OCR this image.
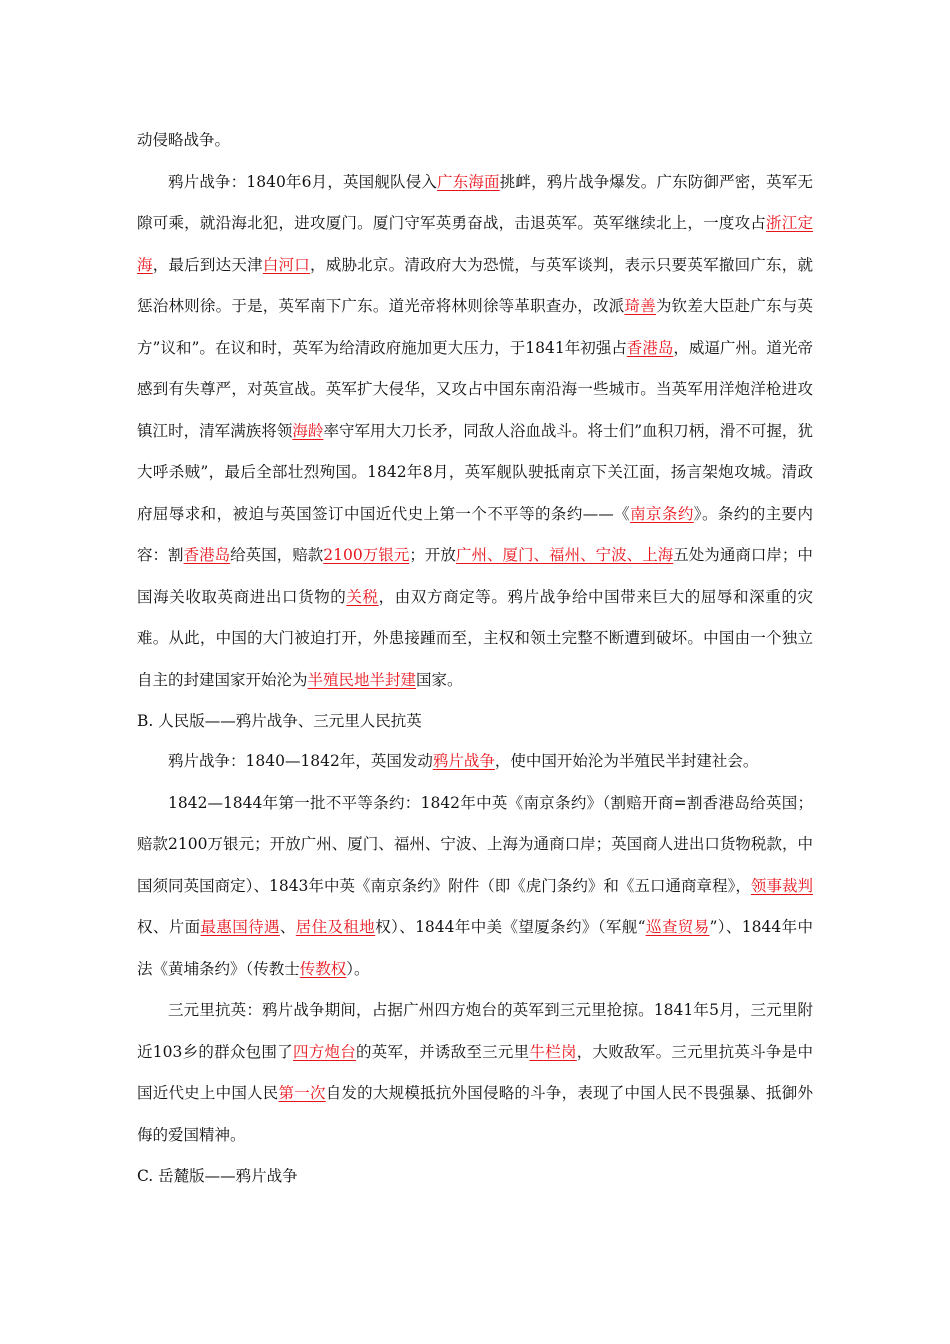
动侵略战争。

鸦片战争：1840年6月，英国舰队侵入广东海面挑衅，鸦片战争爆发。广东防御严密，英军无隙可乘，就沿海北犯，进攻厦门。厦门守军英勇奋战，击退英军。英军继续北上，一度攻占浙江定海，最后到达天津白河口，威胁北京。清政府大为恐慌，与英军谈判，表示只要英军撤回广东，就惩治林则徐。于是，英军南下广东。道光帝将林则徐等革职查办，改派琦善为钦差大臣赴广东与英方”议和”。在议和时，英军为给清政府施加更大压力，于1841年初强占香港岛，威逼广州。道光帝感到有失尊严，对英宣战。英军扩大侵华，又攻占中国东南沿海一些城市。当英军用洋炮洋枪进攻镇江时，清军满族将领海龄率守军用大刀长矛，同敌人浴血战斗。将士们”血积刀柄，滑不可握，犹大呼杀贼”，最后全部壮烈殉国。1842年8月，英军舰队驶抵南京下关江面，扬言架炮攻城。清政府屈辱求和，被迫与英国签订中国近代史上第一个不平等的条约——《南京条约》。条约的主要内容：割香港岛给英国，赔款2100万银元；开放广州、厦门、福州、宁波、上海五处为通商口岸；中国海关收取英商进出口货物的关税，由双方商定等。鸦片战争给中国带来巨大的屈辱和深重的灾难。从此，中国的大门被迫打开，外患接踵而至，主权和领土完整不断遭到破坏。中国由一个独立自主的封建国家开始沦为半殖民地半封建国家。

B. 人民版——鸦片战争、三元里人民抗英

鸦片战争：1840—1842年，英国发动鸦片战争，使中国开始沦为半殖民半封建社会。

1842—1844年第一批不平等条约：1842年中英《南京条约》（割赔开商=割香港岛给英国；赔款2100万银元；开放广州、厦门、福州、宁波、上海为通商口岸；英国商人进出口货物税款，中国须同英国商定）、1843年中英《南京条约》附件（即《虎门条约》和《五口通商章程》，领事裁判权、片面最惠国待遇、居住及租地权）、1844年中美《望厦条约》（军舰“巡查贸易”）、1844年中法《黄埔条约》（传教士传教权）。

三元里抗英：鸦片战争期间，占据广州四方炮台的英军到三元里抢掠。1841年5月，三元里附近103乡的群众包围了四方炮台的英军，并诱敌至三元里牛栏岗，大败敌军。三元里抗英斗争是中国近代史上中国人民第一次自发的大规模抵抗外国侵略的斗争，表现了中国人民不畏强暴、抵御外侮的爱国精神。

C. 岳麓版——鸦片战争
